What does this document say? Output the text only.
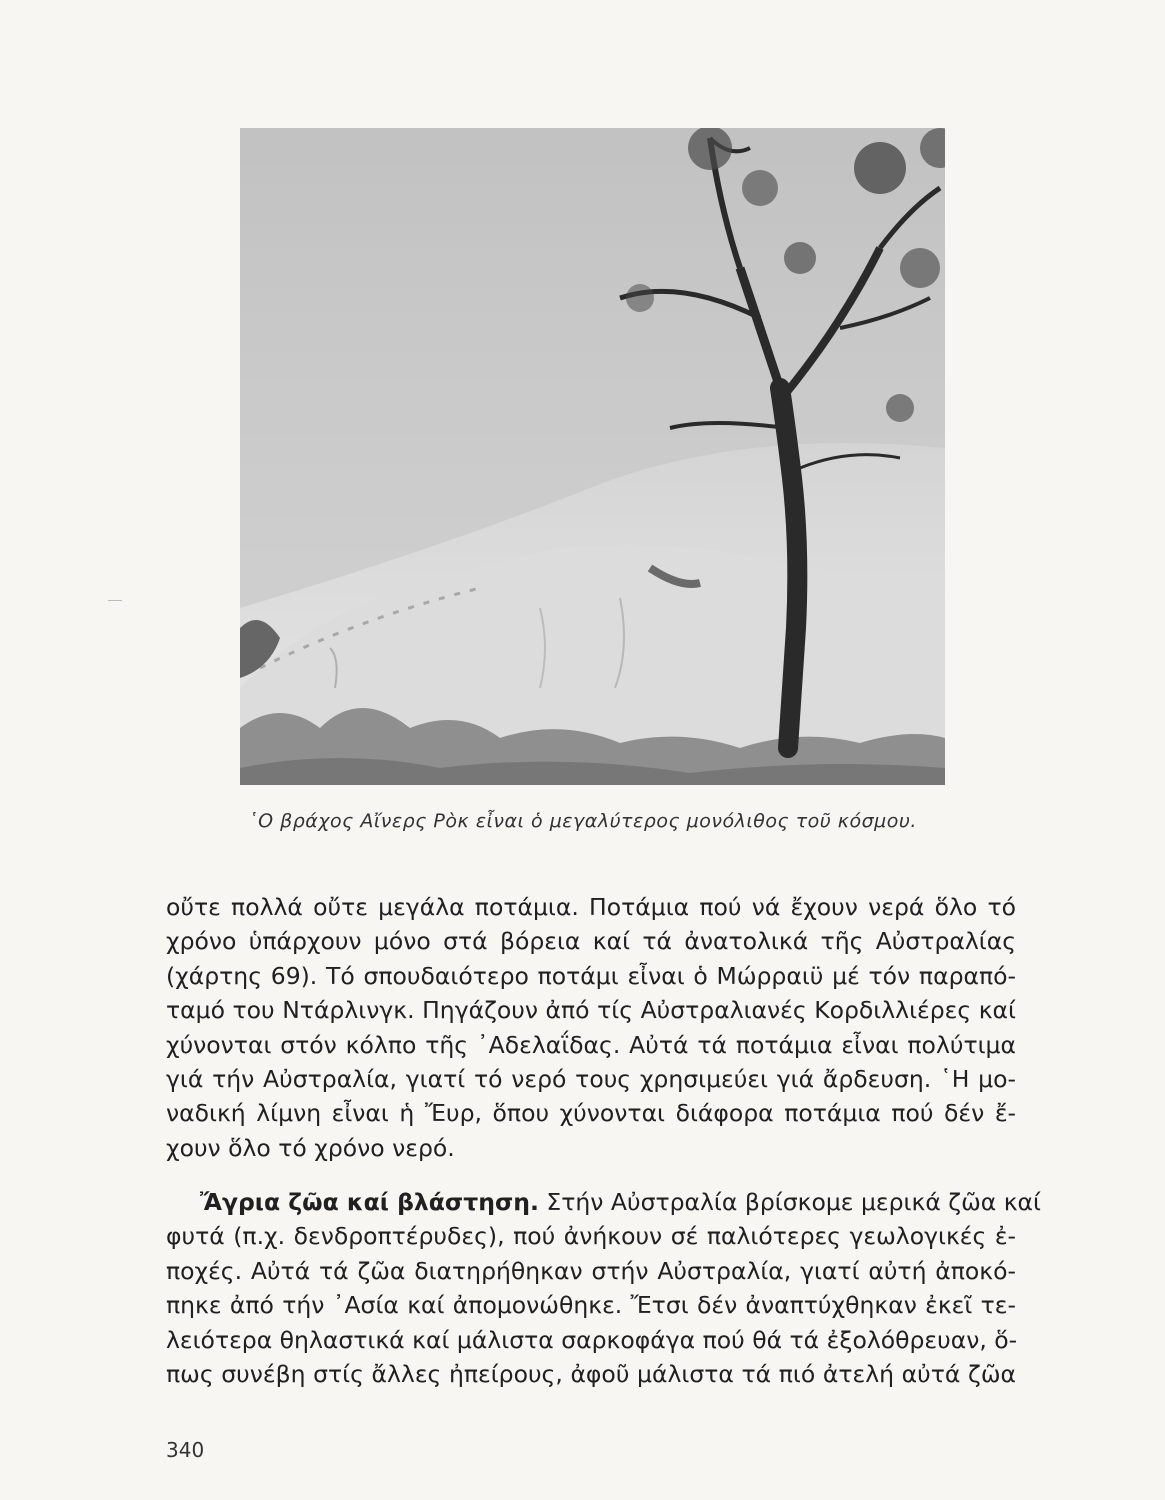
῾Ο βράχος Αἴνερς Ρὸκ εἶναι ὁ μεγαλύτερος μονόλιθος τοῦ κόσμου.
οὔτε πολλά οὔτε μεγάλα ποτάμια. Ποτάμια πού νά ἔχουν νερά ὅλο τό
χρόνο ὑπάρχουν μόνο στά βόρεια καί τά ἀνατολικά τῆς Αὐστραλίας
(χάρτης 69). Τό σπουδαιότερο ποτάμι εἶναι ὁ Μώρραιϋ μέ τόν παραπό-
ταμό του Ντάρλινγκ. Πηγάζουν ἀπό τίς Αὐστραλιανές Κορδιλλιέρες καί
χύνονται στόν κόλπο τῆς ᾽Αδελαΐδας. Αὐτά τά ποτάμια εἶναι πολύτιμα
γιά τήν Αὐστραλία, γιατί τό νερό τους χρησιμεύει γιά ἄρδευση. ῾Η μο-
ναδική λίμνη εἶναι ἡ Ἔυρ, ὅπου χύνονται διάφορα ποτάμια πού δέν ἔ-
χουν ὅλο τό χρόνο νερό.
Ἄγρια ζῶα καί βλάστηση. Στήν Αὐστραλία βρίσκομε μερικά ζῶα καί
φυτά (π.χ. δενδροπτέρυδες), πού ἀνήκουν σέ παλιότερες γεωλογικές ἐ-
ποχές. Αὐτά τά ζῶα διατηρήθηκαν στήν Αὐστραλία, γιατί αὐτή ἀποκό-
πηκε ἀπό τήν ᾽Ασία καί ἀπομονώθηκε. Ἔτσι δέν ἀναπτύχθηκαν ἐκεῖ τε-
λειότερα θηλαστικά καί μάλιστα σαρκοφάγα πού θά τά ἐξολόθρευαν, ὅ-
πως συνέβη στίς ἄλλες ἠπείρους, ἀφοῦ μάλιστα τά πιό ἀτελή αὐτά ζῶα
340
